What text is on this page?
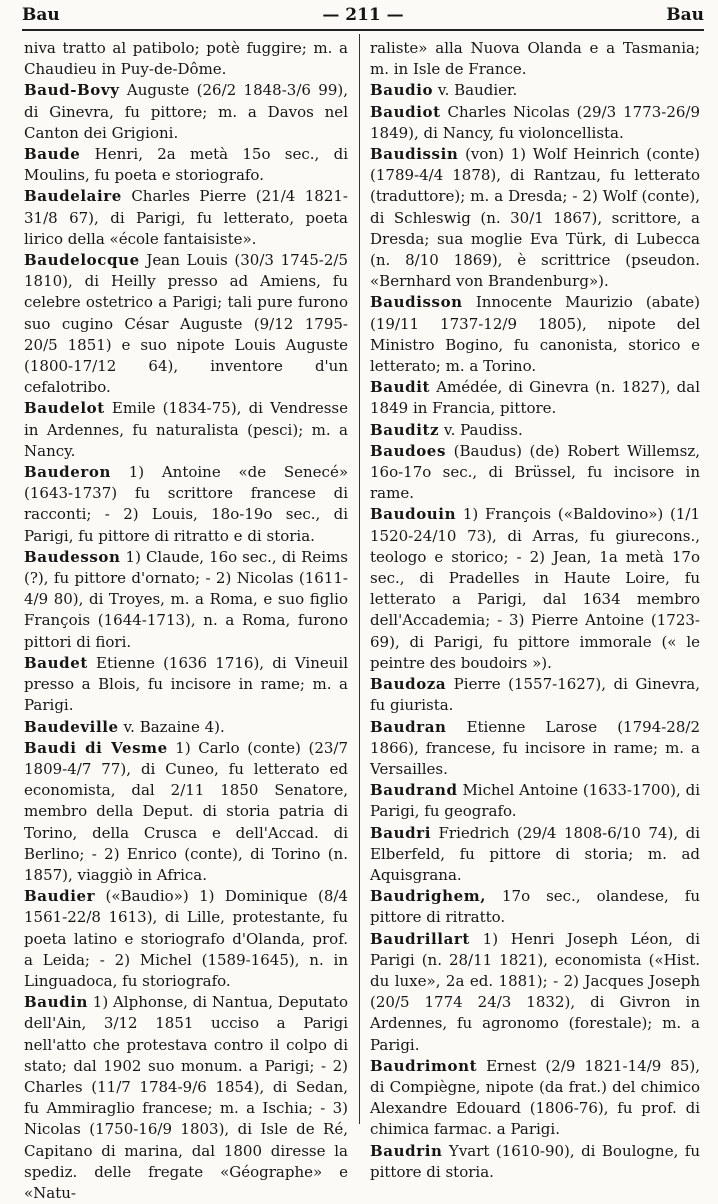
Bau	— 211 —	Bau

niva tratto al patibolo; potè fuggire; m. a Chaudieu in Puy-de-Dôme.

Baud-Bovy Auguste (26/2 1848-3/6 99), di Ginevra, fu pittore; m. a Davos nel Canton dei Grigioni.

Baude Henri, 2a metà 15o sec., di Moulins, fu poeta e storiografo.

Baudelaire Charles Pierre (21/4 1821-31/8 67), di Parigi, fu letterato, poeta lirico della «école fantaisiste».

Baudelocque Jean Louis (30/3 1745-2/5 1810), di Heilly presso ad Amiens, fu celebre ostetrico a Parigi; tali pure furono suo cugino César Auguste (9/12 1795-20/5 1851) e suo nipote Louis Auguste (1800-17/12 64), inventore d'un cefalotribo.

Baudelot Emile (1834-75), di Vendresse in Ardennes, fu naturalista (pesci); m. a Nancy.

Bauderon 1) Antoine «de Senecé» (1643-1737) fu scrittore francese di racconti; - 2) Louis, 18o-19o sec., di Parigi, fu pittore di ritratto e di storia.

Baudesson 1) Claude, 16o sec., di Reims (?), fu pittore d'ornato; - 2) Nicolas (1611-4/9 80), di Troyes, m. a Roma, e suo figlio François (1644-1713), n. a Roma, furono pittori di fiori.

Baudet Etienne (1636 1716), di Vineuil presso a Blois, fu incisore in rame; m. a Parigi.

Baudeville v. Bazaine 4).

Baudi di Vesme 1) Carlo (conte) (23/7 1809-4/7 77), di Cuneo, fu letterato ed economista, dal 2/11 1850 Senatore, membro della Deput. di storia patria di Torino, della Crusca e dell'Accad. di Berlino; - 2) Enrico (conte), di Torino (n. 1857), viaggiò in Africa.

Baudier («Baudio») 1) Dominique (8/4 1561-22/8 1613), di Lille, protestante, fu poeta latino e storiografo d'Olanda, prof. a Leida; - 2) Michel (1589-1645), n. in Linguadoca, fu storiografo.

Baudin 1) Alphonse, di Nantua, Deputato dell'Ain, 3/12 1851 ucciso a Parigi nell'atto che protestava contro il colpo di stato; dal 1902 suo monum. a Parigi; - 2) Charles (11/7 1784-9/6 1854), di Sedan, fu Ammiraglio francese; m. a Ischia; - 3) Nicolas (1750-16/9 1803), di Isle de Ré, Capitano di marina, dal 1800 diresse la spediz. delle fregate «Géographe» e «Natu-

raliste» alla Nuova Olanda e a Tasmania; m. in Isle de France.

Baudio v. Baudier.

Baudiot Charles Nicolas (29/3 1773-26/9 1849), di Nancy, fu violoncellista.

Baudissin (von) 1) Wolf Heinrich (conte) (1789-4/4 1878), di Rantzau, fu letterato (traduttore); m. a Dresda; - 2) Wolf (conte), di Schleswig (n. 30/1 1867), scrittore, a Dresda; sua moglie Eva Türk, di Lubecca (n. 8/10 1869), è scrittrice (pseudon. «Bernhard von Brandenburg»).

Baudisson Innocente Maurizio (abate) (19/11 1737-12/9 1805), nipote del Ministro Bogino, fu canonista, storico e letterato; m. a Torino.

Baudit Amédée, di Ginevra (n. 1827), dal 1849 in Francia, pittore.

Bauditz v. Paudiss.

Baudoes (Baudus) (de) Robert Willemsz, 16o-17o sec., di Brüssel, fu incisore in rame.

Baudouin 1) François («Baldovino») (1/1 1520-24/10 73), di Arras, fu giurecons., teologo e storico; - 2) Jean, 1a metà 17o sec., di Pradelles in Haute Loire, fu letterato a Parigi, dal 1634 membro dell'Accademia; - 3) Pierre Antoine (1723-69), di Parigi, fu pittore immorale (« le peintre des boudoirs »).

Baudoza Pierre (1557-1627), di Ginevra, fu giurista.

Baudran Etienne Larose (1794-28/2 1866), francese, fu incisore in rame; m. a Versailles.

Baudrand Michel Antoine (1633-1700), di Parigi, fu geografo.

Baudri Friedrich (29/4 1808-6/10 74), di Elberfeld, fu pittore di storia; m. ad Aquisgrana.

Baudrighem, 17o sec., olandese, fu pittore di ritratto.

Baudrillart 1) Henri Joseph Léon, di Parigi (n. 28/11 1821), economista («Hist. du luxe», 2a ed. 1881); - 2) Jacques Joseph (20/5 1774 24/3 1832), di Givron in Ardennes, fu agronomo (forestale); m. a Parigi.

Baudrimont Ernest (2/9 1821-14/9 85), di Compiègne, nipote (da frat.) del chimico Alexandre Edouard (1806-76), fu prof. di chimica farmac. a Parigi.

Baudrin Yvart (1610-90), di Boulogne, fu pittore di storia.
